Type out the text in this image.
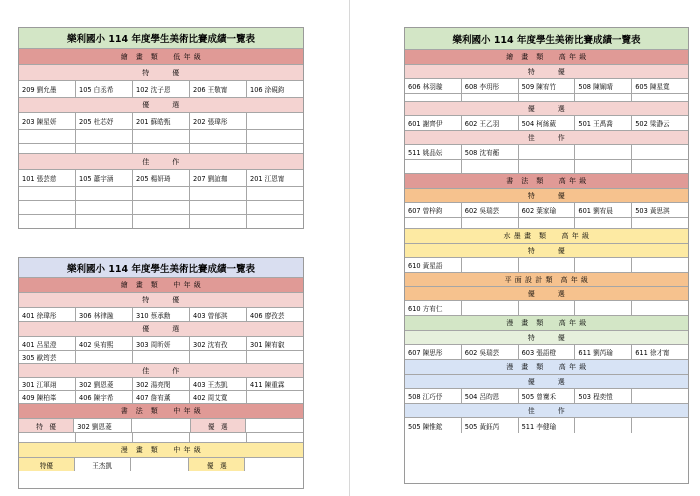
樂利國小 114 年度學生美術比賽成績一覽表
繪　畫　類　　低 年 級
特　　　優
209 劉允墨	105 白丞希	102 沈子恩	206 王敬甯	106 涂硯鈞
優　　　選
203 陳星妍	205 杜芯妤	201 蘇皓甄	202 張瑋彤
佳　　　作
101 張芸慈	105 蕭宇涵	205 楊妍琦	207 劉誼珈	201 江恩甯
樂利國小 114 年度學生美術比賽成績一覽表
繪　畫　類　　中 年 級
特　　　優
401 徐瑋彤	306 林律融	310 蔡承勳	403 曾郁淇	406 廖孜芸
優　　　選
401 呂星澄	402 吳宥熙	303 周昕妍	302 沈宥孜	301 陳宥叡
305 歐筠芸
佳　　　作
301 江軍翊	302 劉恩菱	302 湯亮閔	403 王杰凱	411 陳重霖
409 陳柏峯	406 陳宇希	407 詹宥薰	402 周艾寬
書　法　類　　中 年 級
特　優	302 劉恩菱	優　選
漫　畫　類　　中 年 級
特優	王杰凱	優　選
樂利國小 114 年度學生美術比賽成績一覽表
繪　畫　類　　高 年 級
特　　　優
606 林羽璇	608 李玥彤	509 陳宥竹	508 陳姵晴	605 陳星寬
優　　　選
601 謝齊伊	602 王乙羽	504 柯絲葳	501 王禹喬	502 梁瀞云
佳　　　作
511 姚品妘	508 沈宥蘅
書　法　類　　高 年 級
特　　　優
607 曾梓鈞	602 吳瑞芸	602 葉家瑜	601 劉宥晨	503 黃思淇
水 墨 畫　類　　高 年 級
特　　　優
610 黃星語
平 面 設 計 類　高 年 級
優　　　選
610 方宥仁
漫　畫　類　　高 年 級
特　　　優
607 陳思彤	602 吳瑞芸	603 張語橙	611 劉芮瑜	611 徐才甯
漫　畫　類　　高 年 級
優　　　選
508 江巧伃	504 呂昀恩	505 曾騫禾	503 程奕愷
佳　　　作
505 陳惟鋐	505 黃鈺芮	511 李健瑜
